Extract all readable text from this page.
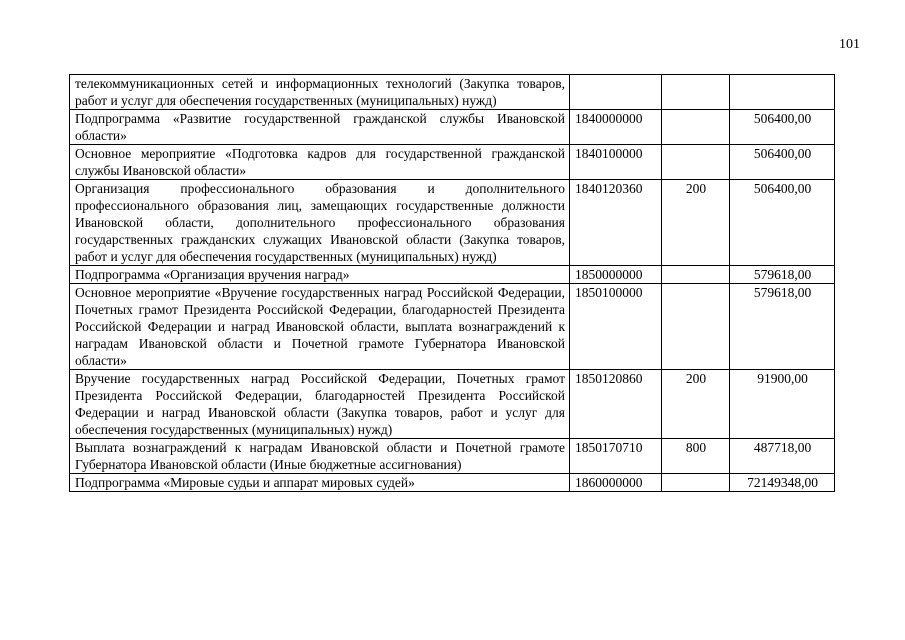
101
телекоммуникационных сетей и информационных технологий (Закупка товаров, работ и услуг для обеспечения государственных (муниципальных) нужд)			
Подпрограмма «Развитие государственной гражданской службы Ивановской области»	1840000000		506400,00
Основное мероприятие «Подготовка кадров для государственной гражданской службы Ивановской области»	1840100000		506400,00
Организация профессионального образования и дополнительного профессионального образования лиц, замещающих государственные должности Ивановской области, дополнительного профессионального образования государственных гражданских служащих Ивановской области (Закупка товаров, работ и услуг для обеспечения государственных (муниципальных) нужд)	1840120360	200	506400,00
Подпрограмма «Организация вручения наград»	1850000000		579618,00
Основное мероприятие «Вручение государственных наград Российской Федерации, Почетных грамот Президента Российской Федерации, благодарностей Президента Российской Федерации и наград Ивановской области, выплата вознаграждений к наградам Ивановской области и Почетной грамоте Губернатора Ивановской области»	1850100000		579618,00
Вручение государственных наград Российской Федерации, Почетных грамот Президента Российской Федерации, благодарностей Президента Российской Федерации и наград Ивановской области (Закупка товаров, работ и услуг для обеспечения государственных (муниципальных) нужд)	1850120860	200	91900,00
Выплата вознаграждений к наградам Ивановской области и Почетной грамоте Губернатора Ивановской области (Иные бюджетные ассигнования)	1850170710	800	487718,00
Подпрограмма «Мировые судьи и аппарат мировых судей»	1860000000		72149348,00
